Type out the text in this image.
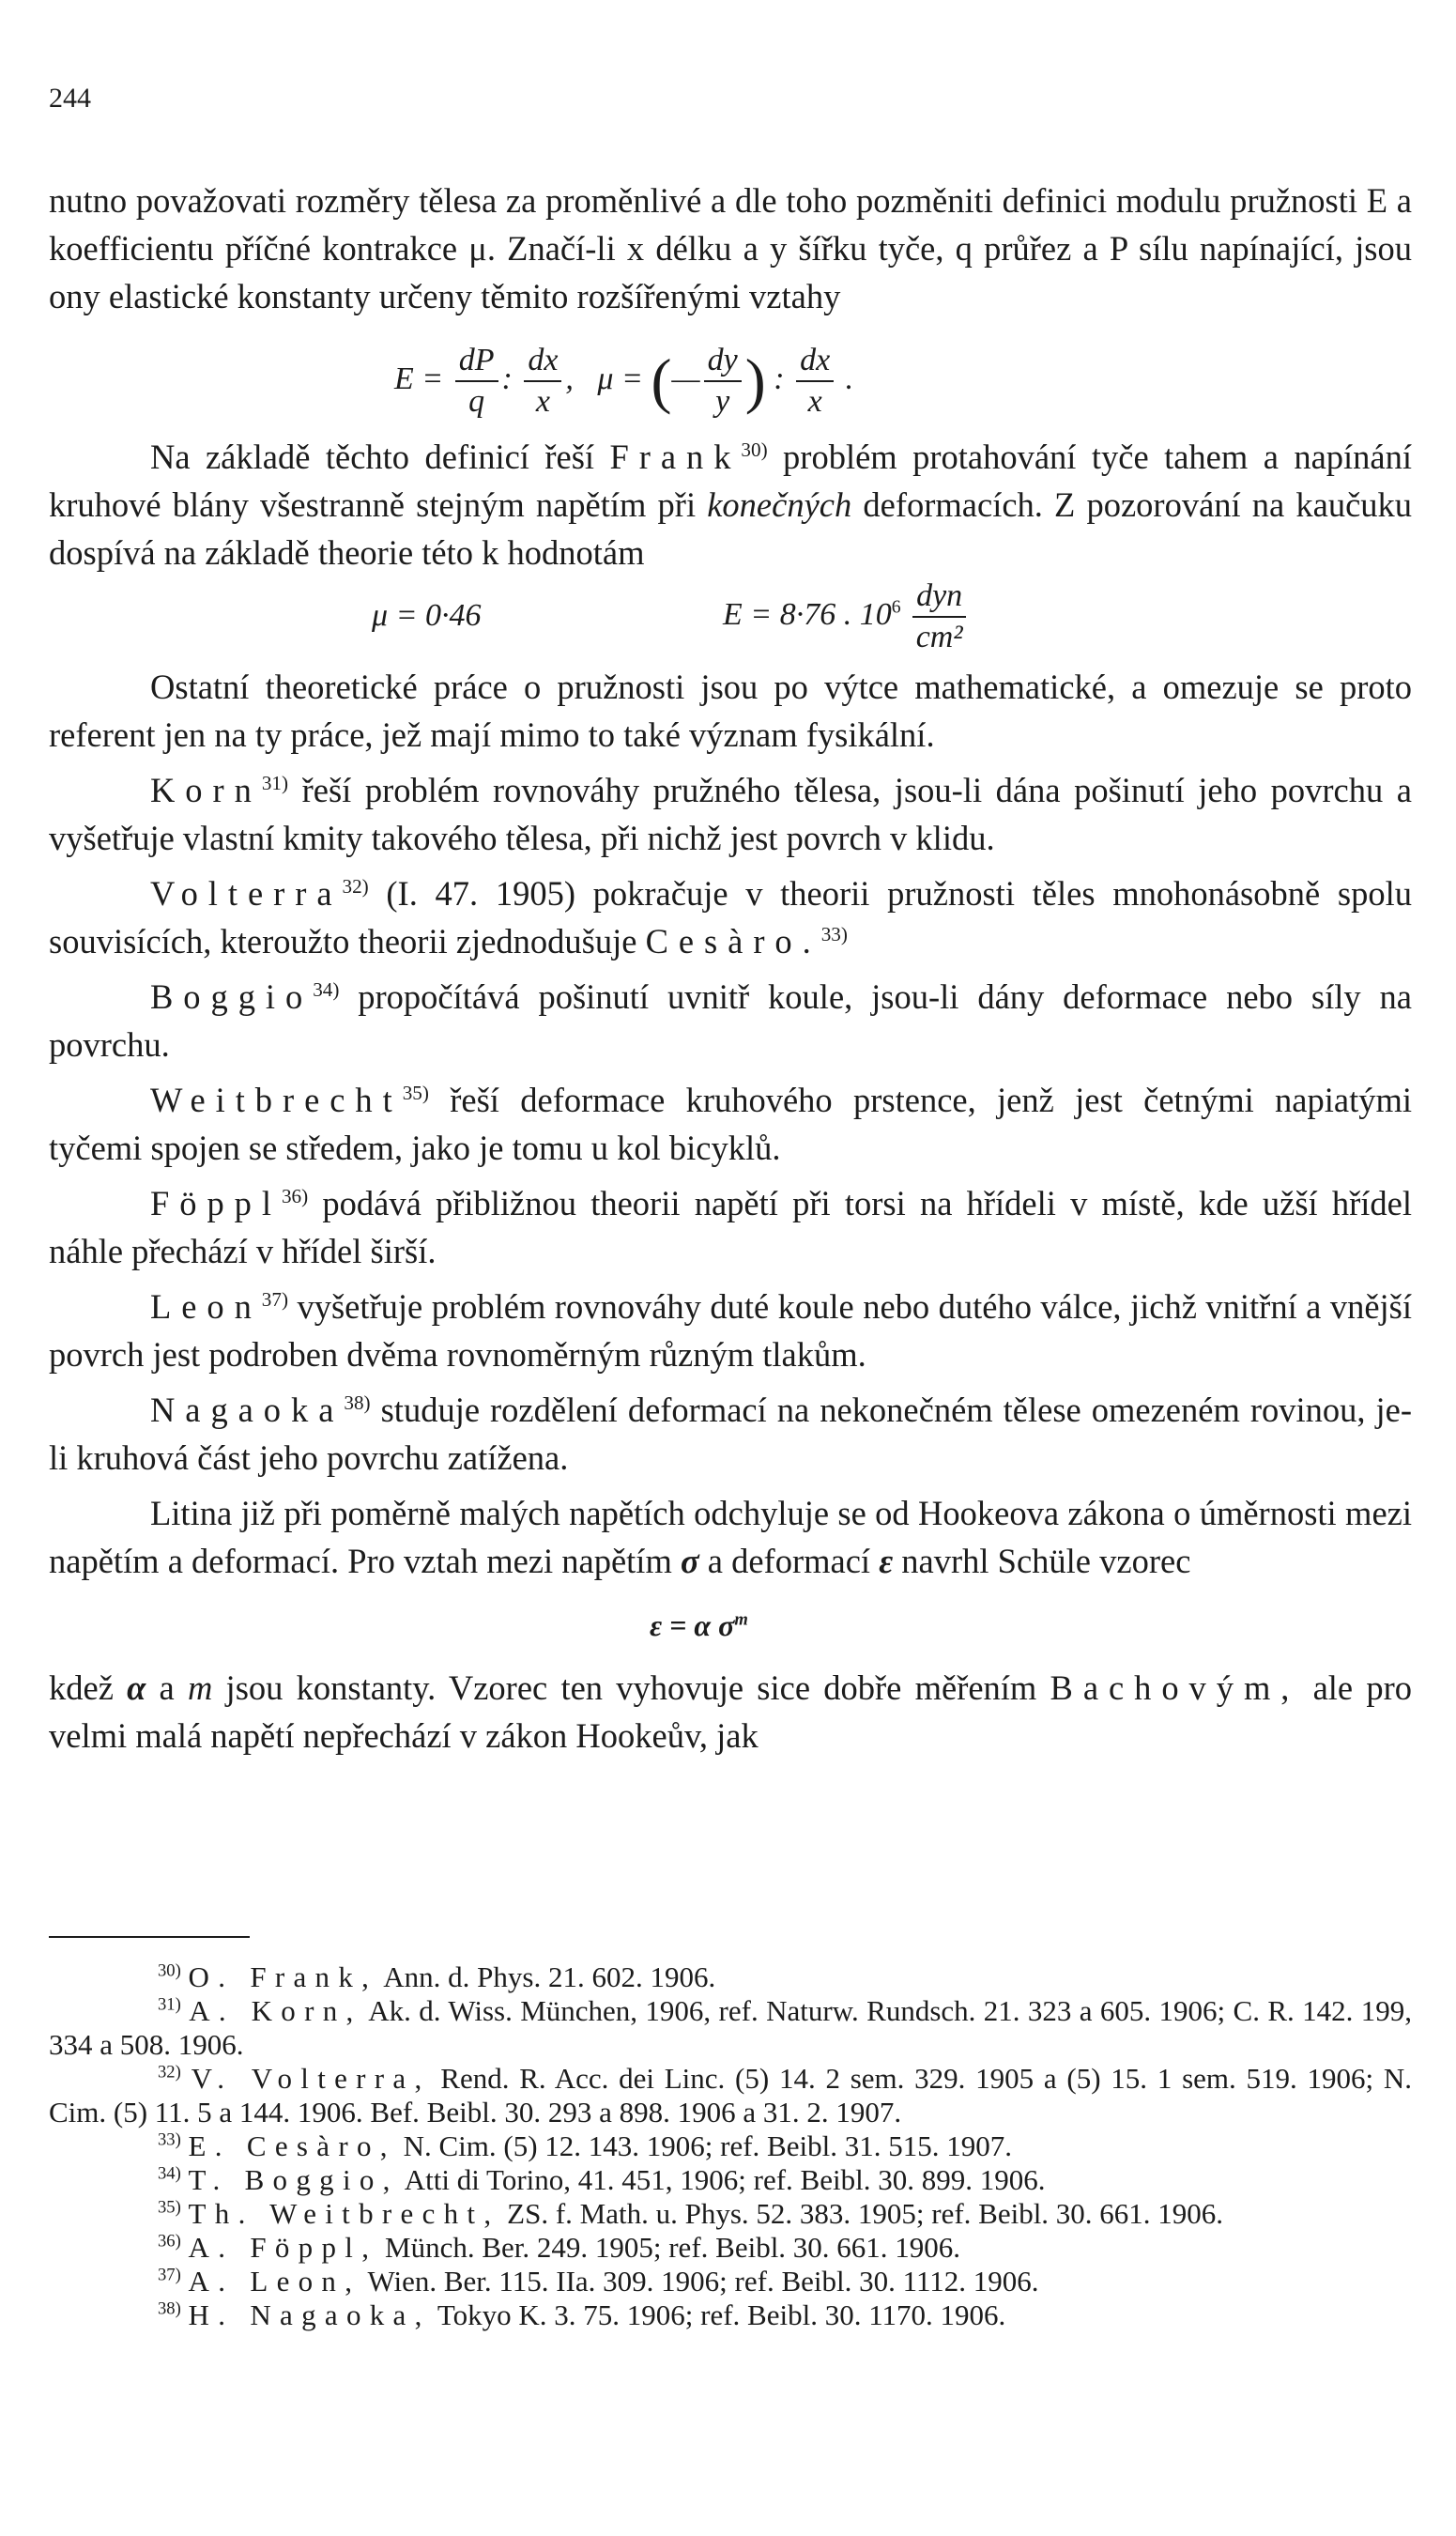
244

nutno považovati rozměry tělesa za proměnlivé a dle toho pozměniti definici modulu pružnosti E a koefficientu příčné kontrakce μ. Značí-li x délku a y šířku tyče, q průřez a P sílu napínající, jsou ony elastické konstanty určeny těmito rozšířenými vztahy

$E = \frac{dP}{q}$ : $\frac{dx}{x}$ , μ = (— $\frac{dy}{y}$ ) : $\frac{dx}{x}$ .

Na základě těchto definicí řeší Frank$^{30)}$ problém protahování tyče tahem a napínání kruhové blány všestranně stejným napětím při konečných deformacích. Z pozorování na kaučuku dospívá na základě theorie této k hodnotám

μ = 0·46	E = 8·76 . $10^6 \frac{\text{dyn}}{\text{cm²}}$

Ostatní theoretické práce o pružnosti jsou po výtce mathematické, a omezuje se proto referent jen na ty práce, jež mají mimo to také význam fysikální.

Korn$^{31)}$ řeší problém rovnováhy pružného tělesa, jsou-li dána pošinutí jeho povrchu a vyšetřuje vlastní kmity takového tělesa, při nichž jest povrch v klidu.

Volterra$^{32)}$ (I. 47. 1905) pokračuje v theorii pružnosti těles mnohonásobně spolu souvisících, kteroužto theorii zjednodušuje Cesàro.$^{33)}$

Boggio$^{34)}$ propočítává pošinutí uvnitř koule, jsou-li dány deformace nebo síly na povrchu.

Weitbrecht$^{35)}$ řeší deformace kruhového prstence, jenž jest četnými napiatými tyčemi spojen se středem, jako je tomu u kol bicyklů.

Föppl$^{36)}$ podává přibližnou theorii napětí při torsi na hřídeli v místě, kde užší hřídel náhle přechází v hřídel širší.

Leon$^{37)}$ vyšetřuje problém rovnováhy duté koule nebo dutého válce, jichž vnitřní a vnější povrch jest podroben dvěma rovnoměrným různým tlakům.

Nagaoka$^{38)}$ studuje rozdělení deformací na nekonečném tělese omezeném rovinou, je-li kruhová část jeho povrchu zatížena.

Litina již při poměrně malých napětích odchyluje se od Hookeova zákona o úměrnosti mezi napětím a deformací. Pro vztah mezi napětím σ a deformací ε navrhl Schüle vzorec

ε = α $\sigma^m$

kdež α a m jsou konstanty. Vzorec ten vyhovuje sice dobře měřením Bachovým, ale pro velmi malá napětí nepřechází v zákon Hookeův, jak

$^{30)}$ O. Frank, Ann. d. Phys. 21. 602. 1906.

$^{31)}$ A. Korn, Ak. d. Wiss. München, 1906, ref. Naturw. Rundsch. 21. 323 a 605. 1906; C. R. 142. 199, 334 a 508. 1906.

$^{32)}$ V. Volterra, Rend. R. Acc. dei Linc. (5) 14. 2 sem. 329. 1905 a (5) 15. 1 sem. 519. 1906; N. Cim. (5) 11. 5 a 144. 1906. Bef. Beibl. 30. 293 a 898. 1906 a 31. 2. 1907.

$^{33)}$ E. Cesàro, N. Cim. (5) 12. 143. 1906; ref. Beibl. 31. 515. 1907.

$^{34)}$ T. Boggio, Atti di Torino, 41. 451, 1906; ref. Beibl. 30. 899. 1906.

$^{35)}$ Th. Weitbrecht, ZS. f. Math. u. Phys. 52. 383. 1905; ref. Beibl. 30. 661. 1906.

$^{36)}$ A. Föppl, Münch. Ber. 249. 1905; ref. Beibl. 30. 661. 1906.

$^{37)}$ A. Leon, Wien. Ber. 115. IIa. 309. 1906; ref. Beibl. 30. 1112. 1906.

$^{38)}$ H. Nagaoka, Tokyo K. 3. 75. 1906; ref. Beibl. 30. 1170. 1906.
